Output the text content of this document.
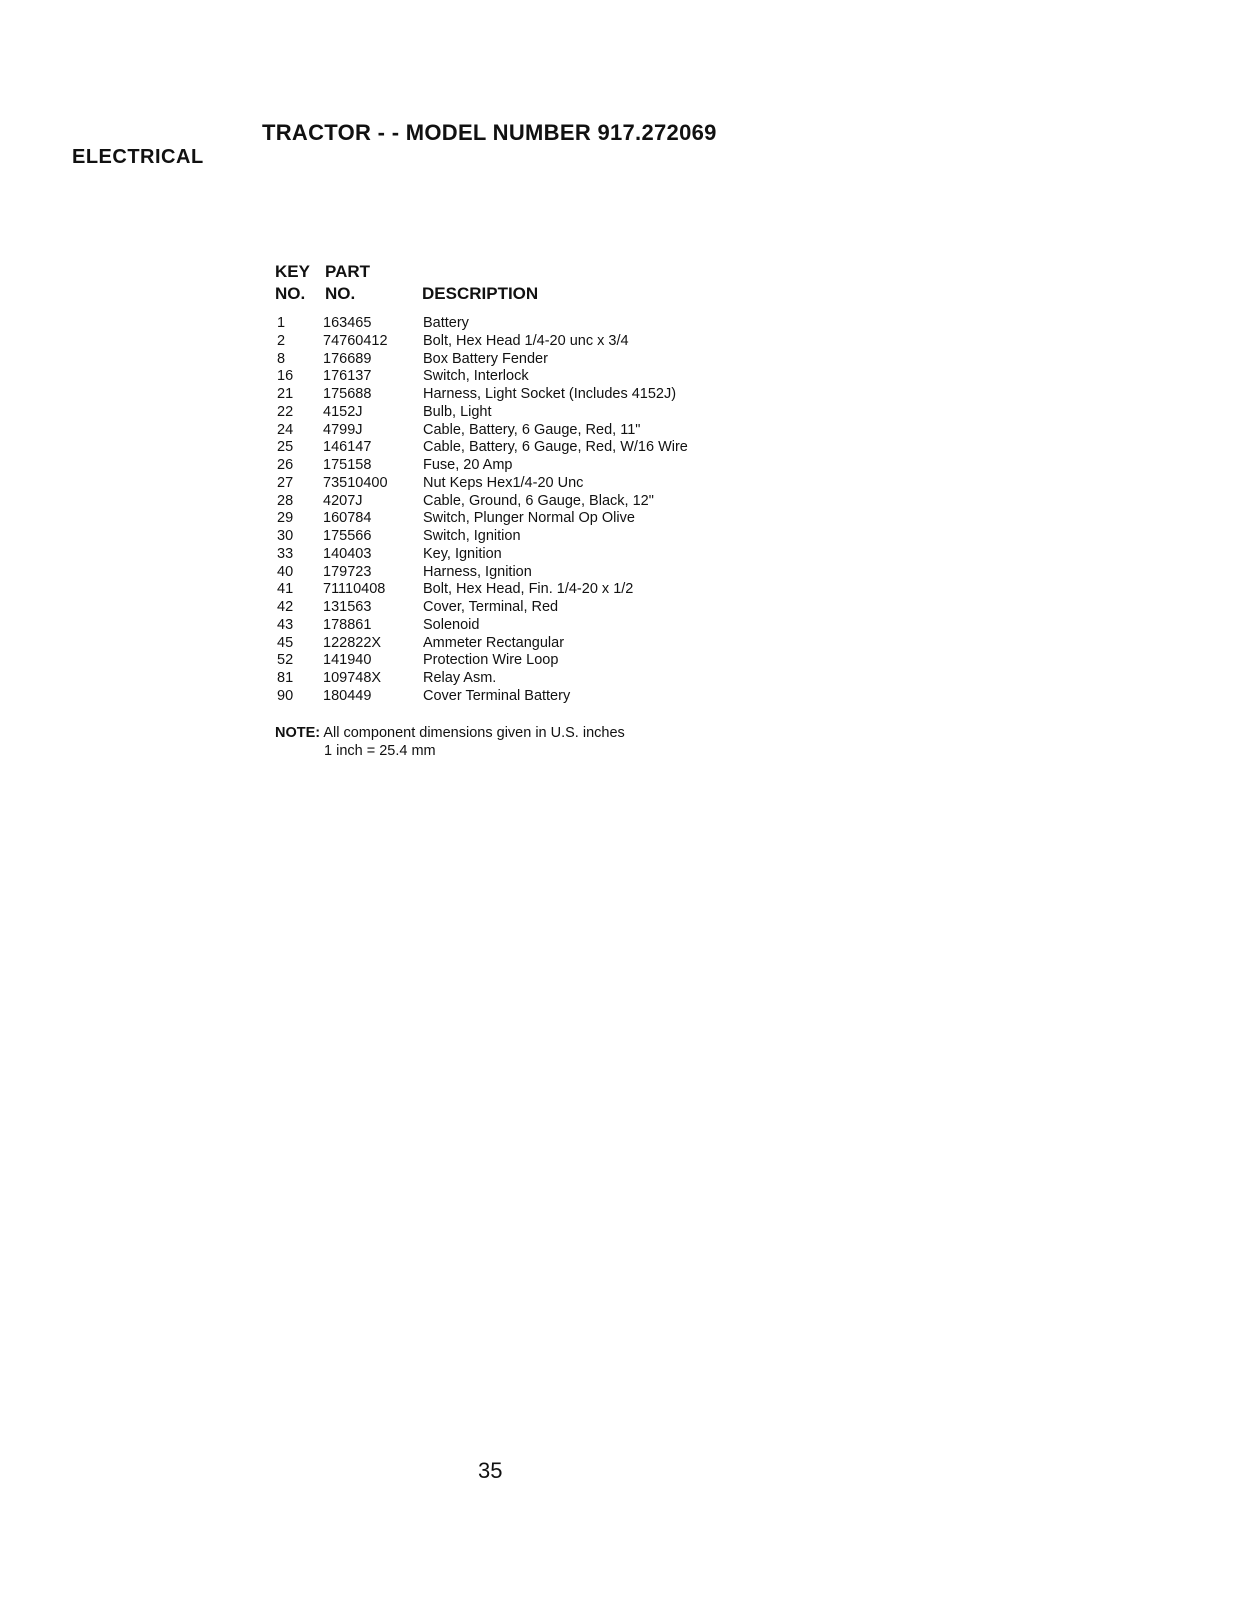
ELECTRICAL
TRACTOR - - MODEL NUMBER 917.272069
KEY
NO.
PART
NO.	DESCRIPTION
1	163465	Battery
2	74760412 Bolt, Hex Head 1/4-20 unc x 3/4
8	176689	Box Battery Fender
16 176137	Switch, Interlock
21 175688	Harness, Light Socket (Includes 4152J)
22 4152J	Bulb, Light
24 4799J	Cable, Battery, 6 Gauge, Red, 11"
25 146147	Cable, Battery, 6 Gauge, Red, W/16 Wire
26 175158	Fuse, 20 Amp
27 73510400 Nut Keps Hex1/4-20 Unc
28 4207J	Cable, Ground, 6 Gauge, Black, 12"
29 160784	Switch, Plunger Normal Op Olive
30 175566	Switch, Ignition
33 140403	Key, Ignition
40 179723	Harness, Ignition
41 71110408	Bolt, Hex Head, Fin. 1/4-20 x 1/2
42 131563	Cover, Terminal, Red
43 178861	Solenoid
45 122822X	Ammeter Rectangular
52 141940	Protection Wire Loop
81 109748X	Relay Asm.
90 180449	Cover Terminal Battery
NOTE: All component dimensions given in U.S. inches
1 inch = 25.4 mm
35
